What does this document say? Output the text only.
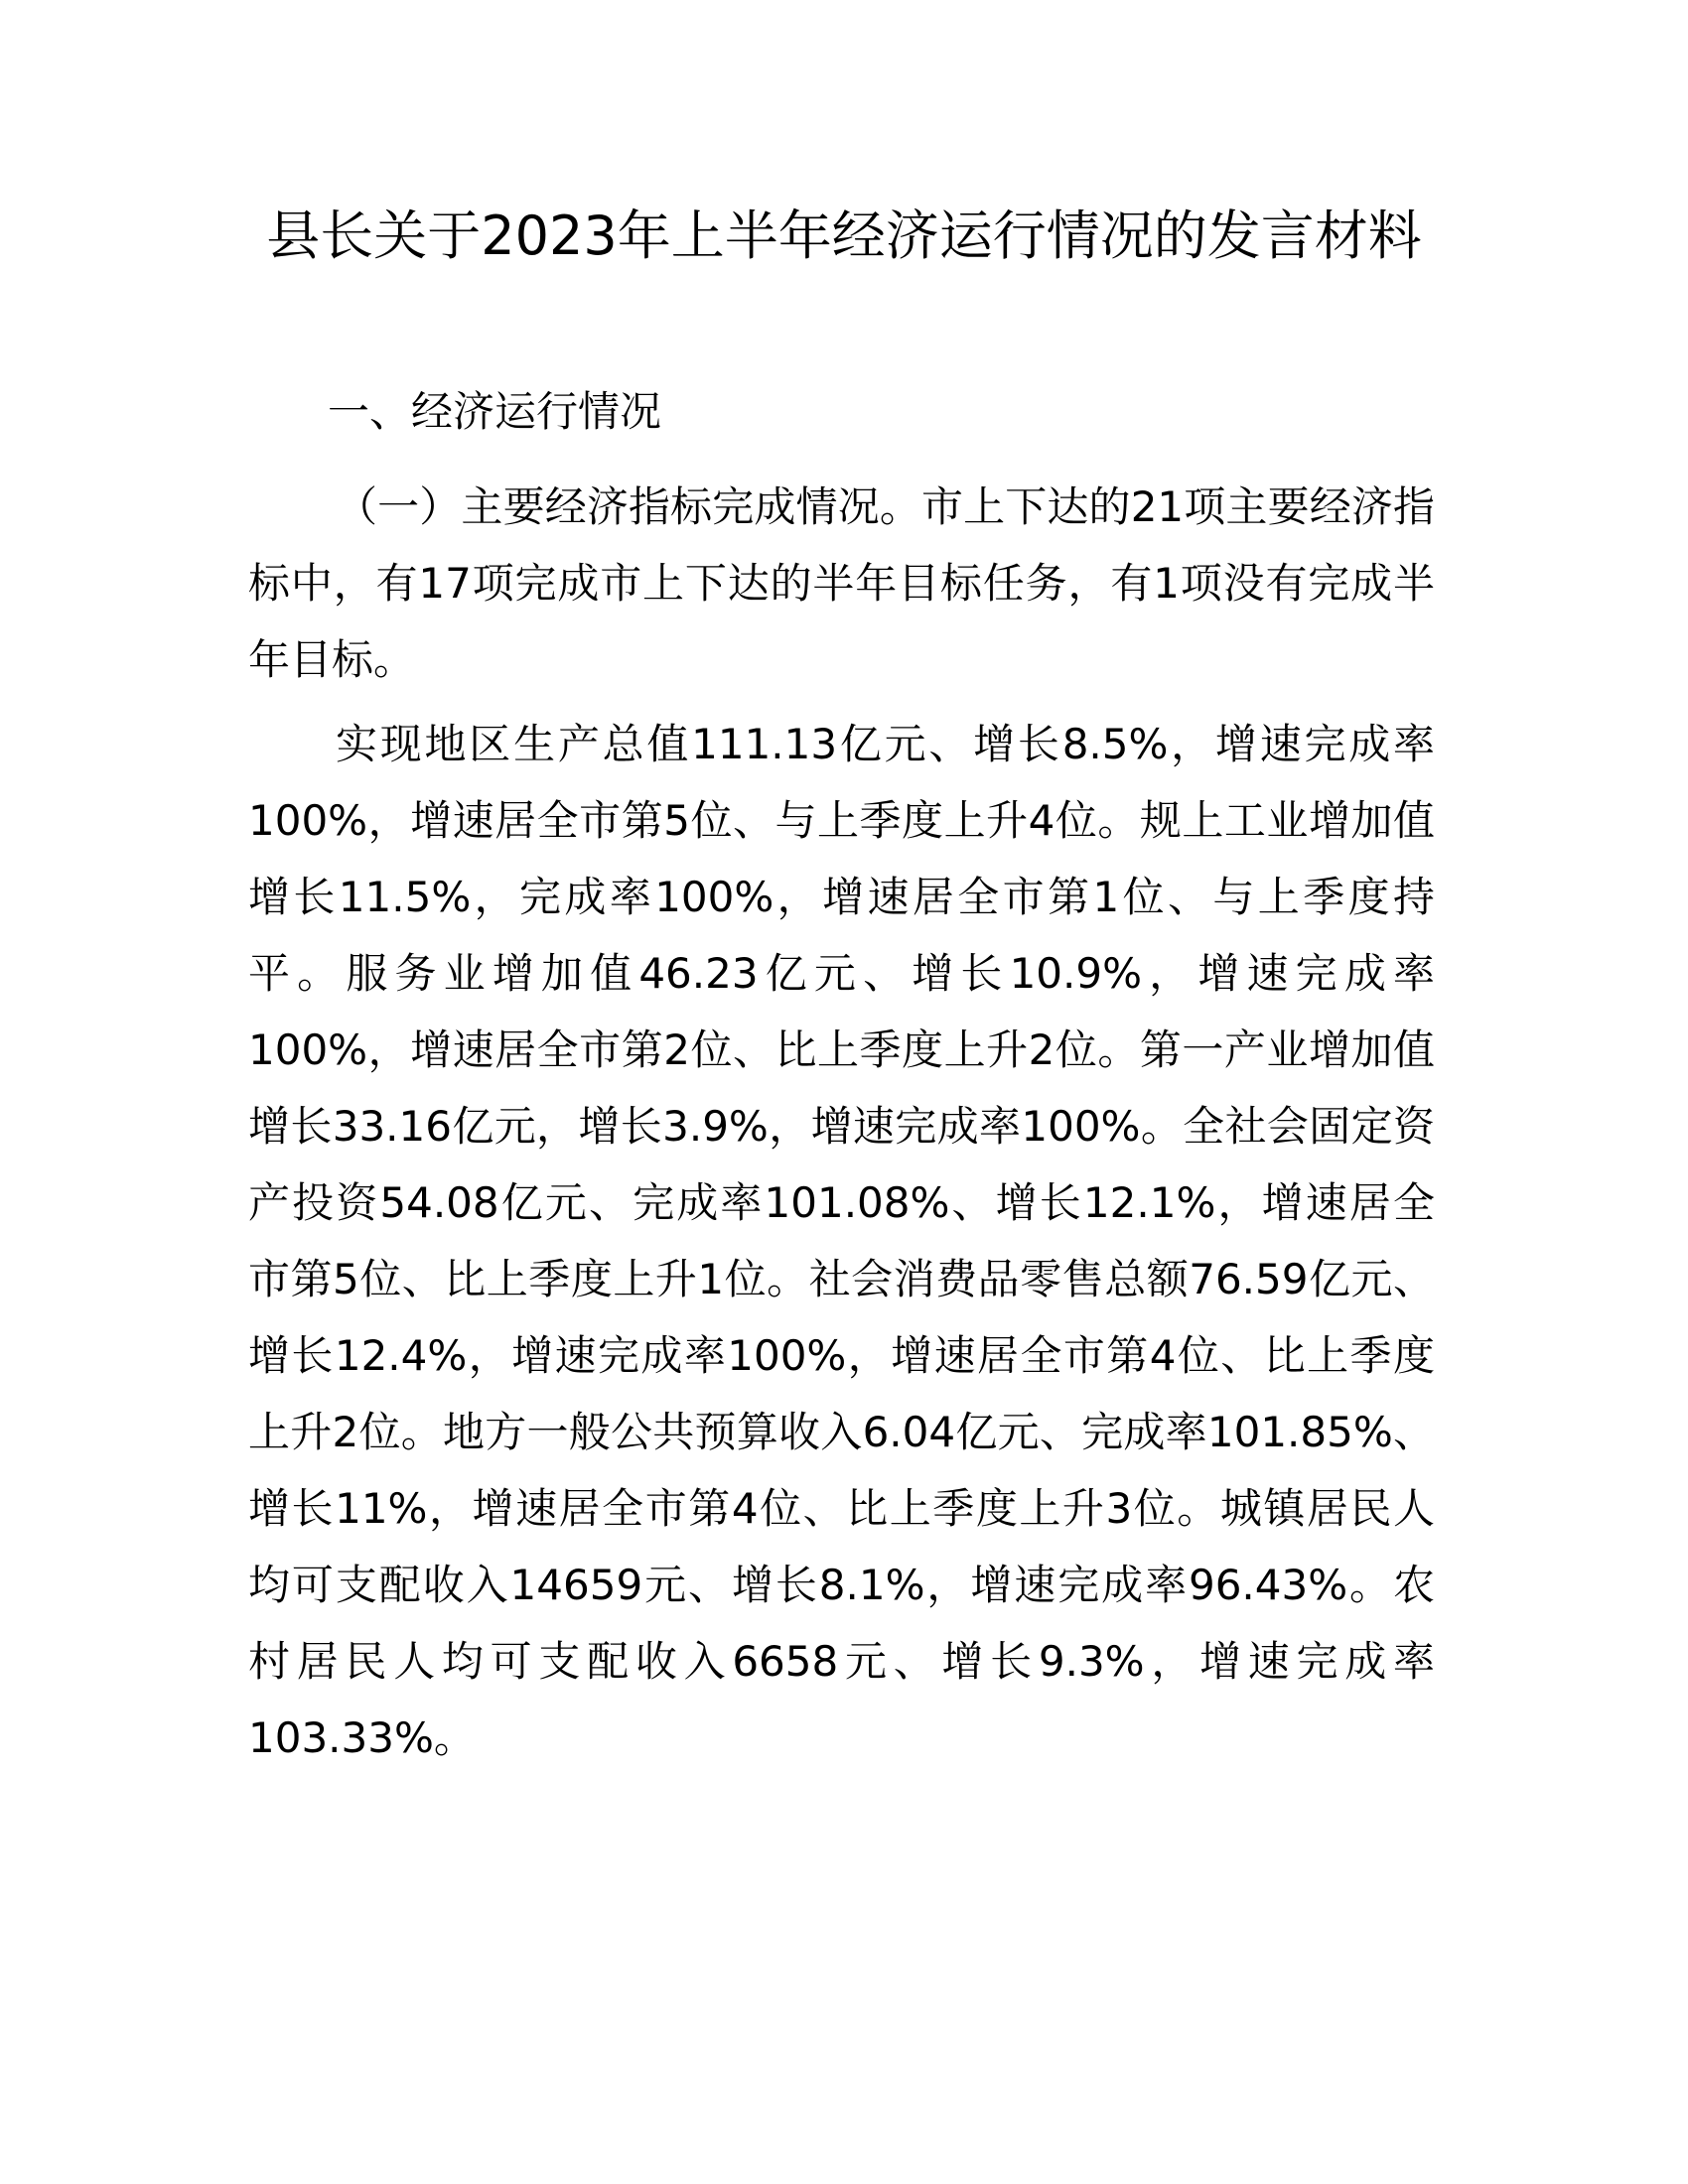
县长关于2023年上半年经济运行情况的发言材料
一、经济运行情况

（一）主要经济指标完成情况。市上下达的21项主要经济指标中，有17项完成市上下达的半年目标任务，有1项没有完成半年目标。

实现地区生产总值111.13亿元、增长8.5%，增速完成率100%，增速居全市第5位、与上季度上升4位。规上工业增加值增长11.5%，完成率100%，增速居全市第1位、与上季度持平。服务业增加值46.23亿元、增长10.9%，增速完成率100%，增速居全市第2位、比上季度上升2位。第一产业增加值增长33.16亿元，增长3.9%，增速完成率100%。全社会固定资产投资54.08亿元、完成率101.08%、增长12.1%，增速居全市第5位、比上季度上升1位。社会消费品零售总额76.59亿元、增长12.4%，增速完成率100%，增速居全市第4位、比上季度上升2位。地方一般公共预算收入6.04亿元、完成率101.85%、增长11%，增速居全市第4位、比上季度上升3位。城镇居民人均可支配收入14659元、增长8.1%，增速完成率96.43%。农村居民人均可支配收入6658元、增长9.3%，增速完成率103.33%。
